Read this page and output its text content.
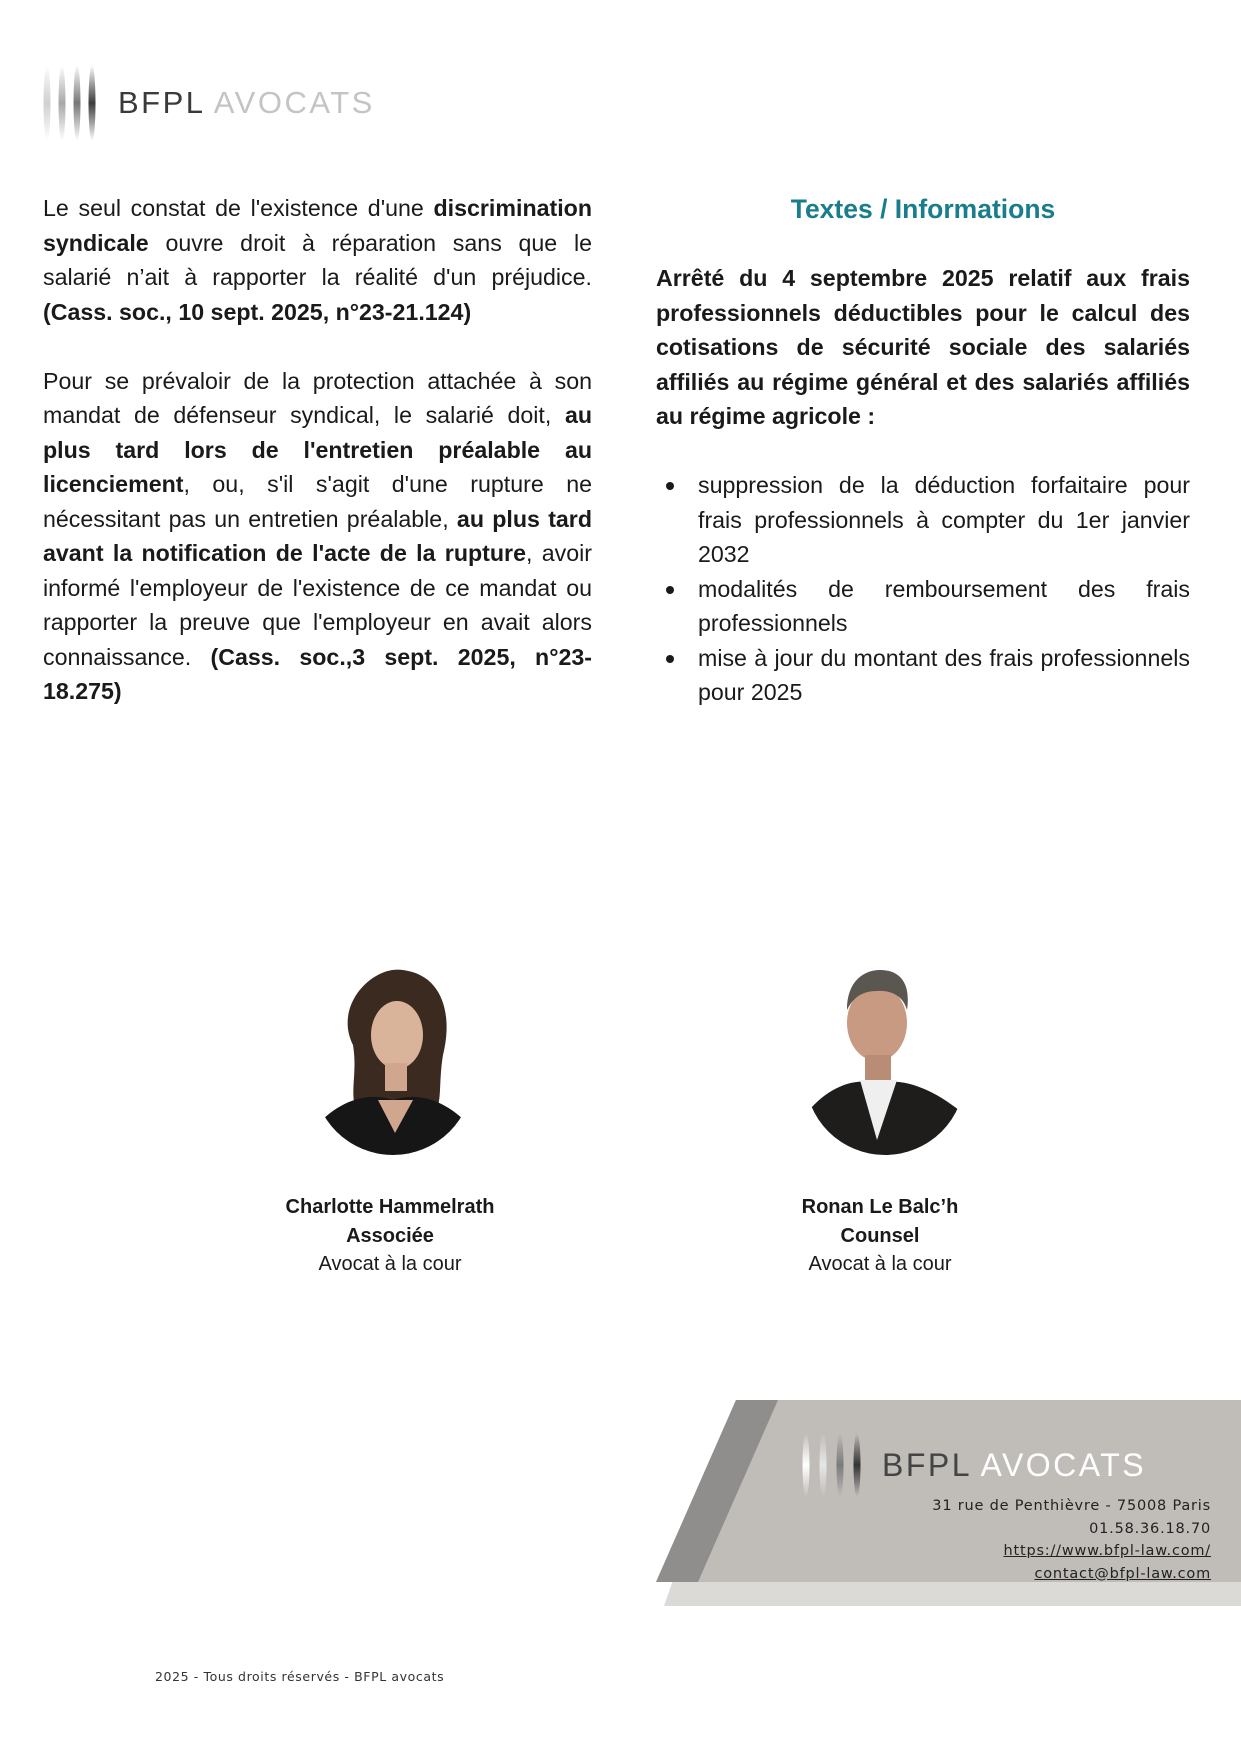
BFPL AVOCATS

Le seul constat de l'existence d'une discrimination syndicale ouvre droit à réparation sans que le salarié n’ait à rapporter la réalité d'un préjudice. (Cass. soc., 10 sept. 2025, n°23-21.124)

Pour se prévaloir de la protection attachée à son mandat de défenseur syndical, le salarié doit, au plus tard lors de l'entretien préalable au licenciement, ou, s'il s'agit d'une rupture ne nécessitant pas un entretien préalable, au plus tard avant la notification de l'acte de la rupture, avoir informé l'employeur de l'existence de ce mandat ou rapporter la preuve que l'employeur en avait alors connaissance. (Cass. soc.,3 sept. 2025, n°23-18.275)

Textes / Informations

Arrêté du 4 septembre 2025 relatif aux frais professionnels déductibles pour le calcul des cotisations de sécurité sociale des salariés affiliés au régime général et des salariés affiliés au régime agricole :

suppression de la déduction forfaitaire pour frais professionnels à compter du 1er janvier 2032
modalités de remboursement des frais professionnels
mise à jour du montant des frais professionnels pour 2025
Charlotte Hammelrath
Associée
Avocat à la cour
Ronan Le Balc’h
Counsel
Avocat à la cour
BFPL AVOCATS
31 rue de Penthièvre - 75008 Paris
01.58.36.18.70
https://www.bfpl-law.com/
contact@bfpl-law.com
2025 - Tous droits réservés - BFPL avocats
